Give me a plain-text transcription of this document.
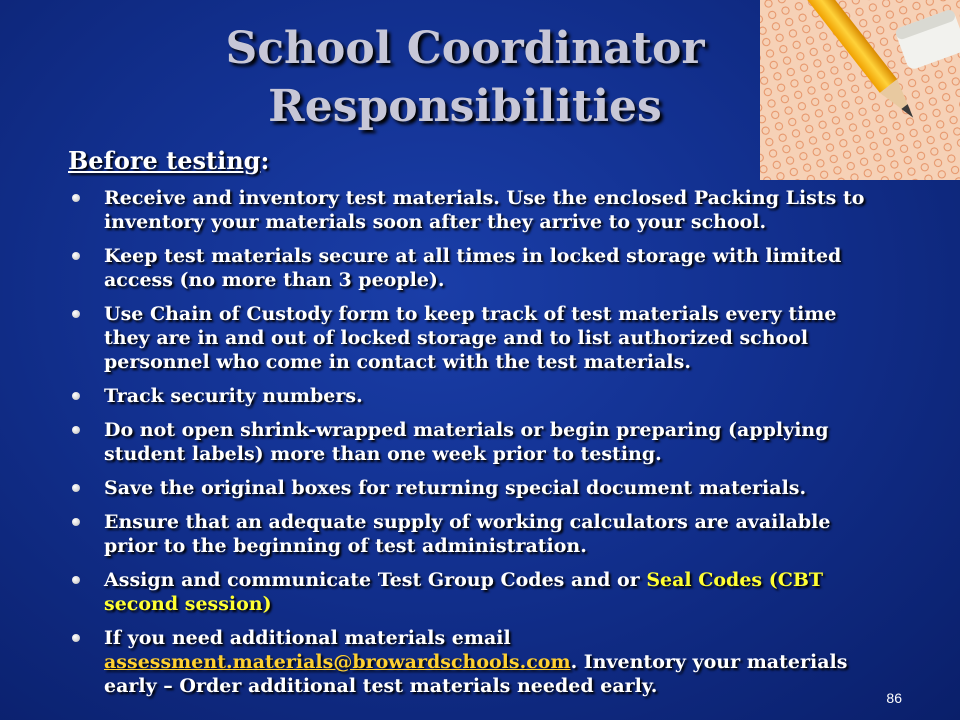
School Coordinator
Responsibilities
Before testing:
Receive and inventory test materials. Use the enclosed Packing Lists to inventory your materials soon after they arrive to your school.
Keep test materials secure at all times in locked storage with limited access (no more than 3 people).
Use Chain of Custody form to keep track of test materials every time they are in and out of locked storage and to list authorized school personnel who come in contact with the test materials.
Track security numbers.
Do not open shrink-wrapped materials or begin preparing (applying student labels) more than one week prior to testing.
Save the original boxes for returning special document materials.
Ensure that an adequate supply of working calculators are available prior to the beginning of test administration.
Assign and communicate Test Group Codes and or Seal Codes (CBT second session)
If you need additional materials email assessment.materials@browardschools.com. Inventory your materials early – Order additional test materials needed early.
86
